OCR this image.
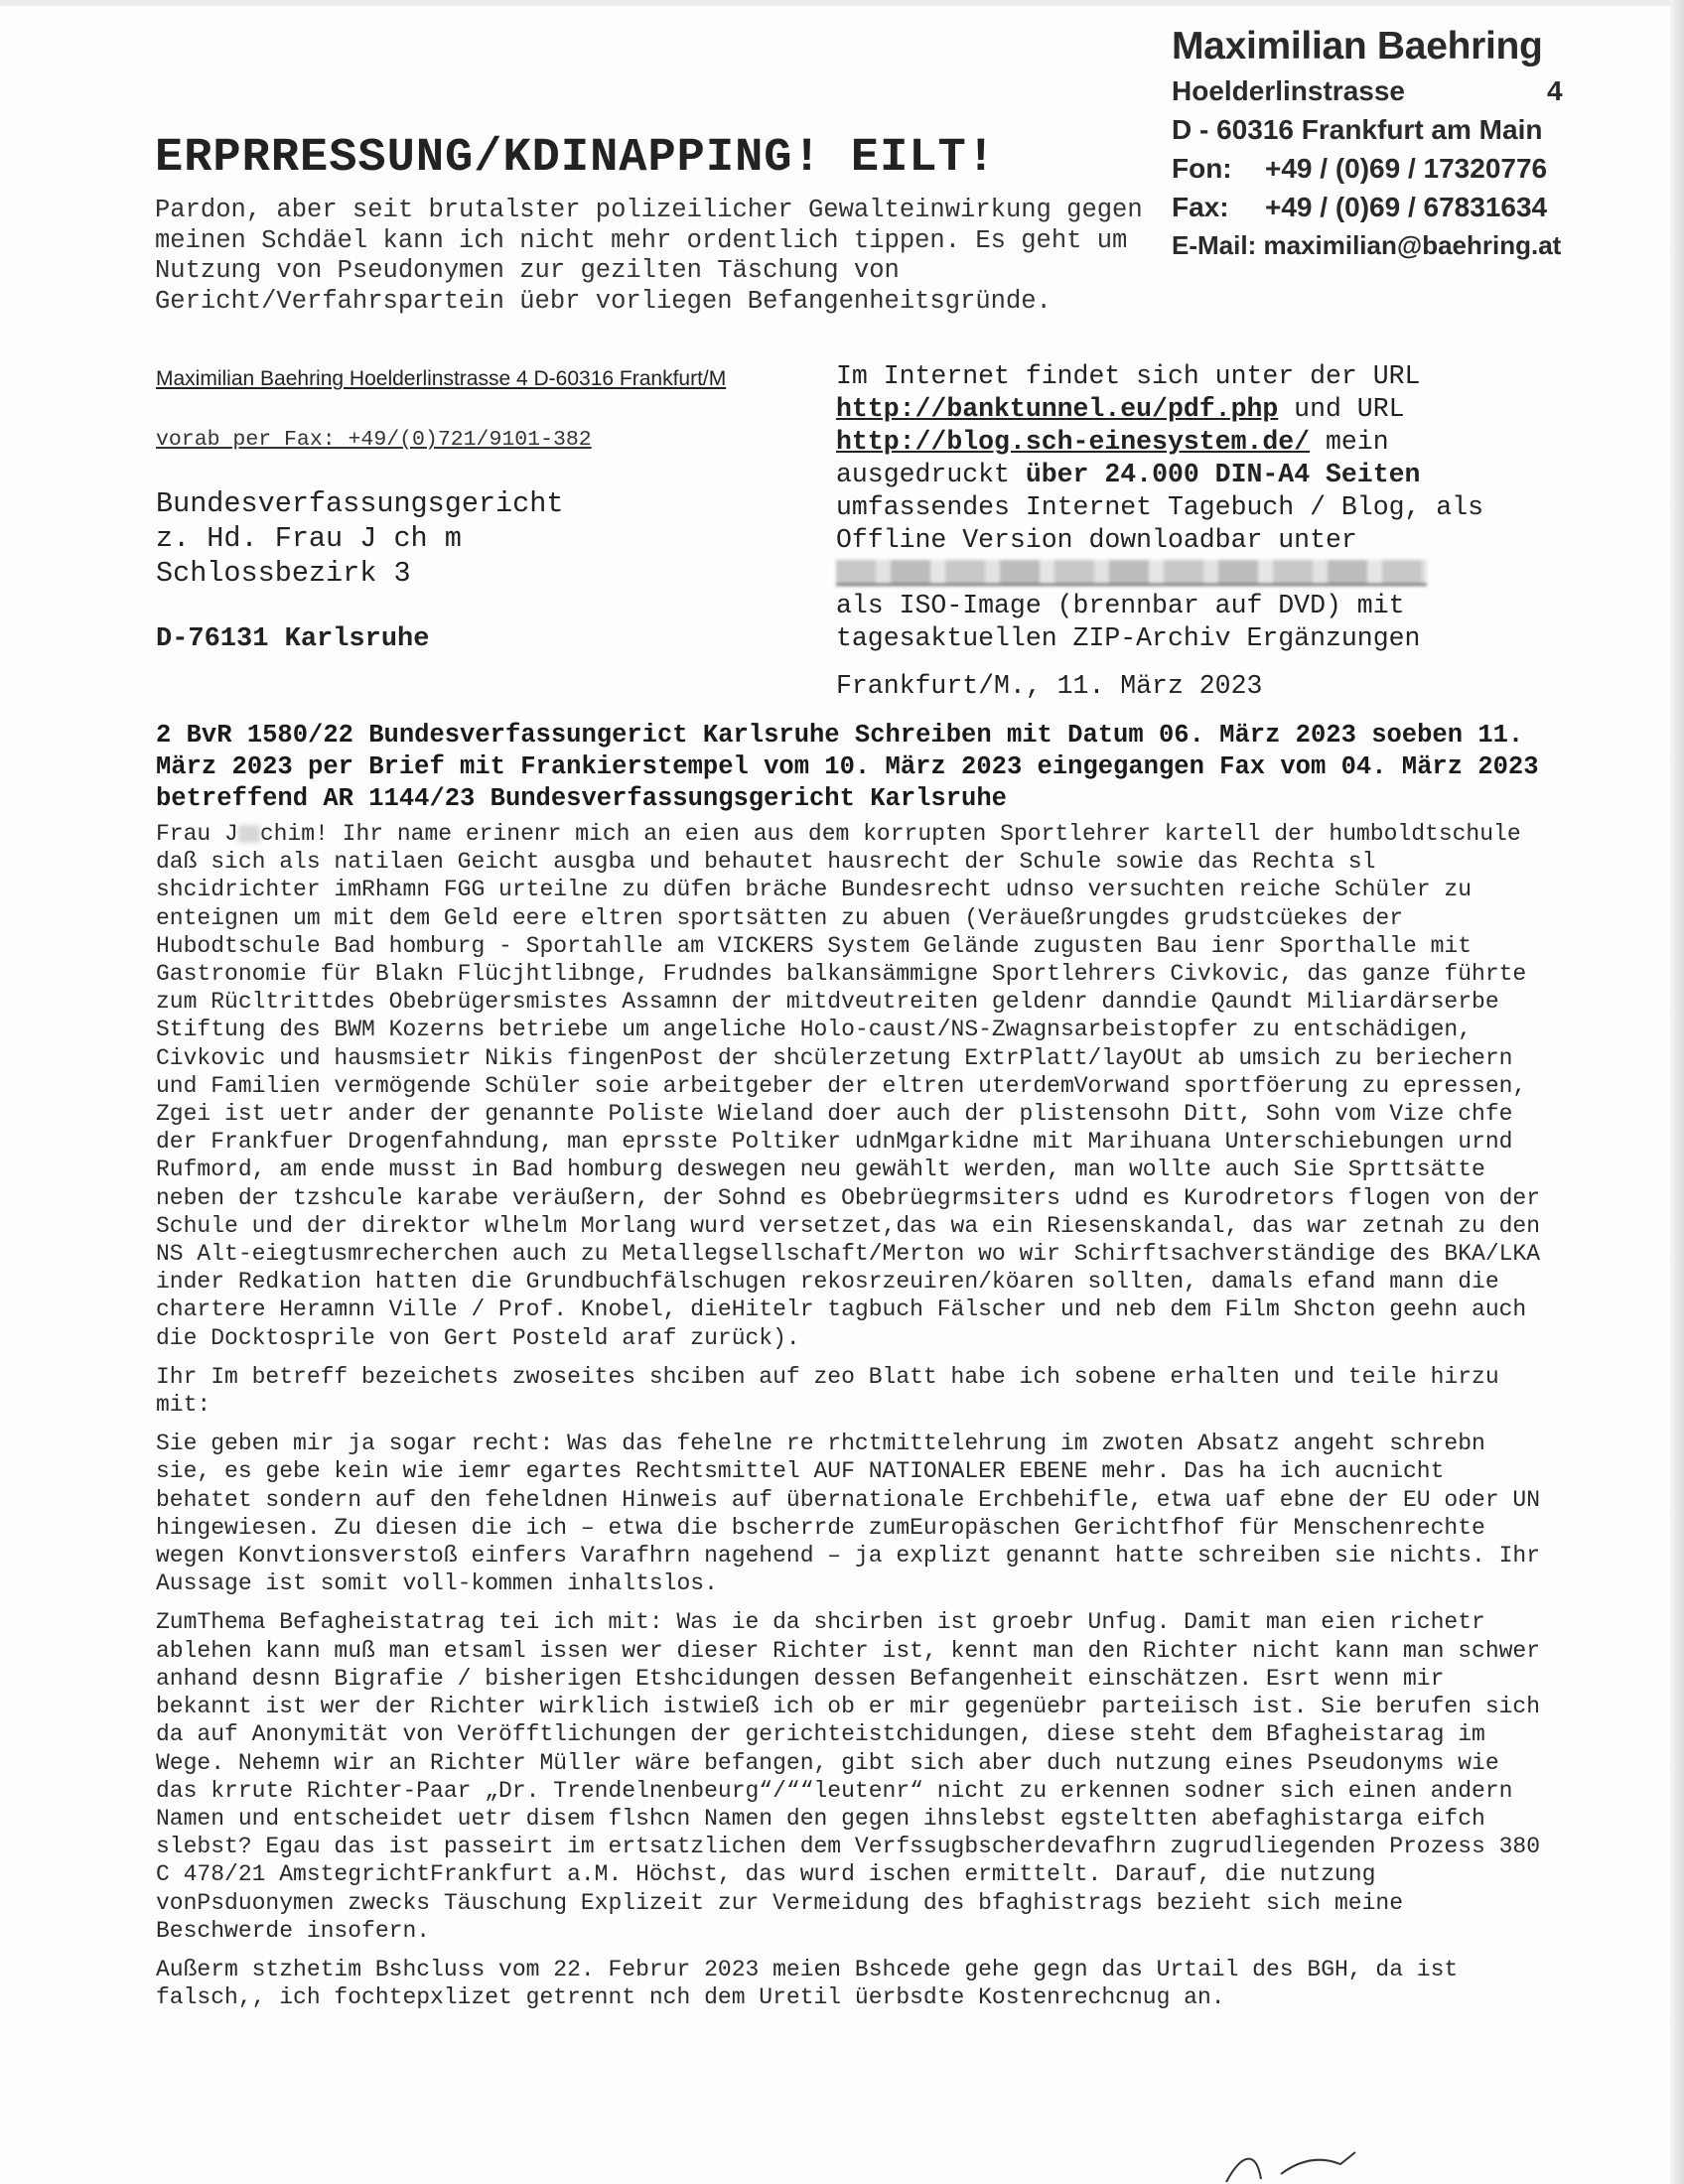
Maximilian Baehring
Hoelderlinstrasse	4
D - 60316 Frankfurt am Main
Fon: +49 / (0)69 / 17320776
Fax: +49 / (0)69 / 67831634
E-Mail: maximilian@baehring.at
ERPRRESSUNG/KDINAPPING! EILT!
Pardon, aber seit brutalster polizeilicher Gewalteinwirkung gegen meinen Schdäel kann ich nicht mehr ordentlich tippen. Es geht um Nutzung von Pseudonymen zur gezilten Täschung von Gericht/Verfahrspartein üebr vorliegen Befangenheitsgründe.
Maximilian Baehring Hoelderlinstrasse 4 D-60316 Frankfurt/M
vorab per Fax: +49/(0)721/9101-382
Bundesverfassungsgericht
z. Hd. Frau J ch m
Schlossbezirk 3
D-76131 Karlsruhe
Im Internet findet sich unter der URL http://banktunnel.eu/pdf.php und URL http://blog.sch-einesystem.de/ mein ausgedruckt über 24.000 DIN-A4 Seiten umfassendes Internet Tagebuch / Blog, als Offline Version downloadbar unter
als ISO-Image (brennbar auf DVD) mit tagesaktuellen ZIP-Archiv Ergänzungen
Frankfurt/M., 11. März 2023
2 BvR 1580/22 Bundesverfassungerict Karlsruhe Schreiben mit Datum 06. März 2023 soeben 11. März 2023 per Brief mit Frankierstempel vom 10. März 2023 eingegangen Fax vom 04. März 2023 betreffend AR 1144/23 Bundesverfassungsgericht Karlsruhe

Frau J chim! Ihr name erinenr mich an eien aus dem korrupten Sportlehrer kartell der humboldtschule daß sich als natilaen Geicht ausgba und behautet hausrecht der Schule sowie das Rechta sl shcidrichter imRhamn FGG urteilne zu düfen bräche Bundesrecht udnso versuchten reiche Schüler zu enteignen um mit dem Geld eere eltren sportsätten zu abuen (Veräueßrungdes grudstcüekes der Hubodtschule Bad homburg - Sportahlle am VICKERS System Gelände zugusten Bau ienr Sporthalle mit Gastronomie für Blakn Flücjhtlibnge, Frudndes balkansämmigne Sportlehrers Civkovic, das ganze führte zum Rücltrittdes Obebrügersmistes Assamnn der mitdveutreiten geldenr danndie Qaundt Miliardärserbe Stiftung des BWM Kozerns betriebe um angeliche Holo-caust/NS-Zwagnsarbeistopfer zu entschädigen, Civkovic und hausmsietr Nikis fingenPost der shcülerzetung ExtrPlatt/layOUt ab umsich zu beriechern und Familien vermögende Schüler soie arbeitgeber der eltren uterdemVorwand sportföerung zu epressen, Zgei ist uetr ander der genannte Poliste Wieland doer auch der plistensohn Ditt, Sohn vom Vize chfe der Frankfuer Drogenfahndung, man eprsste Poltiker udnMgarkidne mit Marihuana Unterschiebungen urnd Rufmord, am ende musst in Bad homburg deswegen neu gewählt werden, man wollte auch Sie Sprttsätte neben der tzshcule karabe veräußern, der Sohnd es Obebrüegrmsiters udnd es Kurodretors flogen von der Schule und der direktor wlhelm Morlang wurd versetzet,das wa ein Riesenskandal, das war zetnah zu den NS Alt-eiegtusmrecherchen auch zu Metallegsellschaft/Merton wo wir Schirftsachverständige des BKA/LKA inder Redkation hatten die Grundbuchfälschugen rekosrzeuiren/köaren sollten, damals efand mann die chartere Heramnn Ville / Prof. Knobel, dieHitelr tagbuch Fälscher und neb dem Film Shcton geehn auch die Docktosprile von Gert Posteld araf zurück).

Ihr Im betreff bezeichets zwoseites shciben auf zeo Blatt habe ich sobene erhalten und teile hirzu mit:

Sie geben mir ja sogar recht: Was das fehelne re rhctmittelehrung im zwoten Absatz angeht schrebn sie, es gebe kein wie iemr egartes Rechtsmittel AUF NATIONALER EBENE mehr. Das ha ich aucnicht behatet sondern auf den feheldnen Hinweis auf übernationale Erchbehifle, etwa uaf ebne der EU oder UN hingewiesen. Zu diesen die ich – etwa die bscherrde zumEuropäschen Gerichtfhof für Menschenrechte wegen Konvtionsverstoß einfers Varafhrn nagehend – ja explizt genannt hatte schreiben sie nichts. Ihr Aussage ist somit voll-kommen inhaltslos.

ZumThema Befagheistatrag tei ich mit: Was ie da shcirben ist groebr Unfug. Damit man eien richetr ablehen kann muß man etsaml issen wer dieser Richter ist, kennt man den Richter nicht kann man schwer anhand desnn Bigrafie / bisherigen Etshcidungen dessen Befangenheit einschätzen. Esrt wenn mir bekannt ist wer der Richter wirklich istwieß ich ob er mir gegenüebr parteiisch ist. Sie berufen sich da auf Anonymität von Veröfftlichungen der gerichteistchidungen, diese steht dem Bfagheistarag im Wege. Nehemn wir an Richter Müller wäre befangen, gibt sich aber duch nutzung eines Pseudonyms wie das krrute Richter-Paar „Dr. Trendelnenbeurg“/““leutenr“ nicht zu erkennen sodner sich einen andern Namen und entscheidet uetr disem flshcn Namen den gegen ihnslebst egsteltten abefaghistarga eifch slebst? Egau das ist passeirt im ertsatzlichen dem Verfssugbscherdevafhrn zugrudliegenden Prozess 380 C 478/21 AmstegrichtFrankfurt a.M. Höchst, das wurd ischen ermittelt. Darauf, die nutzung vonPsduonymen zwecks Täuschung Explizeit zur Vermeidung des bfaghistrags bezieht sich meine Beschwerde insofern.

Außerm stzhetim Bshcluss vom 22. Februr 2023 meien Bshcede gehe gegn das Urtail des BGH, da ist falsch,, ich fochtepxlizet getrennt nch dem Uretil üerbsdte Kostenrechcnug an.
